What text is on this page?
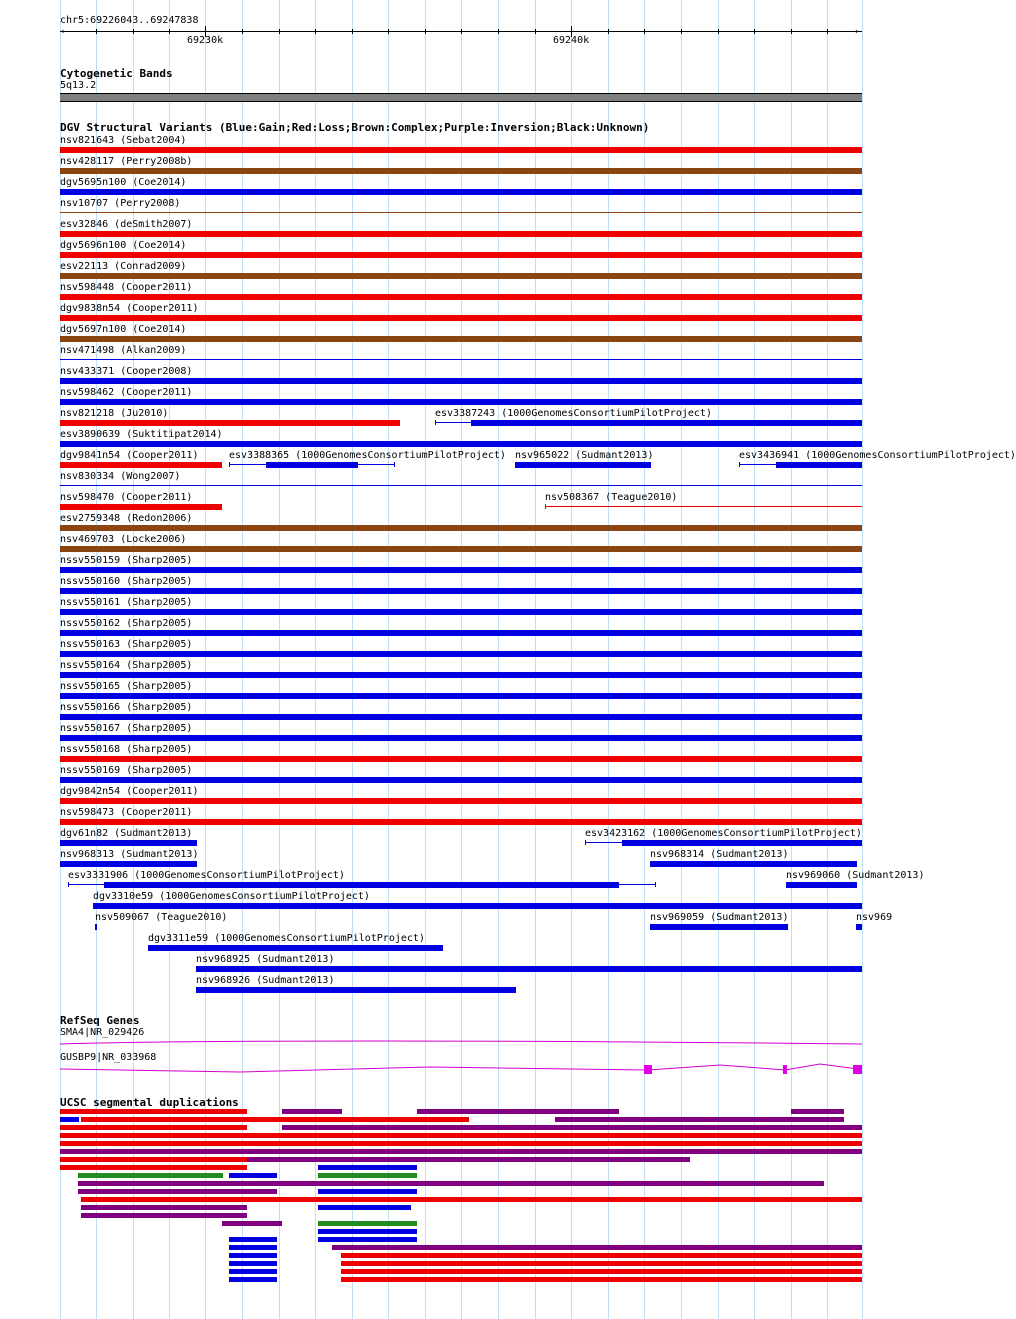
chr5:69226043..69247838
‹	›
69230k	69240k
Cytogenetic Bands
5q13.2
DGV Structural Variants (Blue:Gain;Red:Loss;Brown:Complex;Purple:Inversion;Black:Unknown)
nsv821643 (Sebat2004)
nsv428117 (Perry2008b)
dgv5695n100 (Coe2014)
nsv10707 (Perry2008)
esv32846 (deSmith2007)
dgv5696n100 (Coe2014)
esv22113 (Conrad2009)
nsv598448 (Cooper2011)
dgv9838n54 (Cooper2011)
dgv5697n100 (Coe2014)
nsv471498 (Alkan2009)
nsv433371 (Cooper2008)
nsv598462 (Cooper2011)
nsv821218 (Ju2010)	esv3387243 (1000GenomesConsortiumPilotProject)
esv3890639 (Suktitipat2014)
dgv9841n54 (Cooper2011)	esv3388365 (1000GenomesConsortiumPilotProject) nsv965022 (Sudmant2013)	esv3436941 (1000GenomesConsortiumPilotProject)
nsv830334 (Wong2007)
nsv598470 (Cooper2011)	nsv508367 (Teague2010)
esv2759348 (Redon2006)
nsv469703 (Locke2006)
nssv550159 (Sharp2005)
nssv550160 (Sharp2005)
nssv550161 (Sharp2005)
nssv550162 (Sharp2005)
nssv550163 (Sharp2005)
nssv550164 (Sharp2005)
nssv550165 (Sharp2005)
nssv550166 (Sharp2005)
nssv550167 (Sharp2005)
nssv550168 (Sharp2005)
nssv550169 (Sharp2005)
dgv9842n54 (Cooper2011)
nsv598473 (Cooper2011)
dgv61n82 (Sudmant2013)	esv3423162 (1000GenomesConsortiumPilotProject)
nsv968313 (Sudmant2013)	nsv968314 (Sudmant2013)
esv3331906 (1000GenomesConsortiumPilotProject)	nsv969060 (Sudmant2013)
dgv3310e59 (1000GenomesConsortiumPilotProject)
nsv509067 (Teague2010)	nsv969059 (Sudmant2013)	nsv969
dgv3311e59 (1000GenomesConsortiumPilotProject)
nsv968925 (Sudmant2013)
nsv968926 (Sudmant2013)
RefSeq Genes
SMA4|NR_029426
GUSBP9|NR_033968
UCSC segmental duplications
